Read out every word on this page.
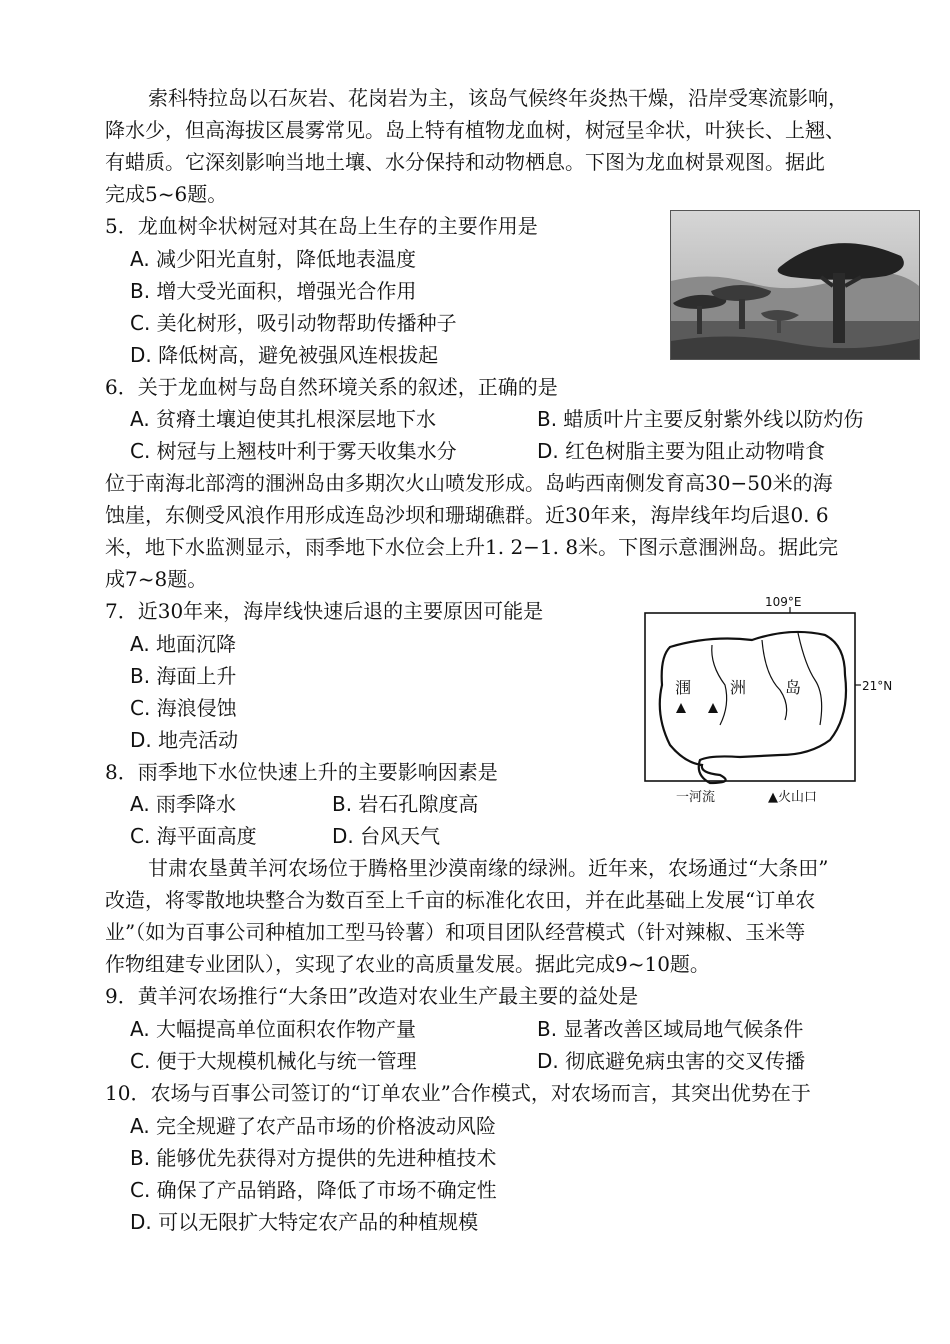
索科特拉岛以石灰岩、花岗岩为主，该岛气候终年炎热干燥，沿岸受寒流影响，
降水少，但高海拔区晨雾常见。岛上特有植物龙血树，树冠呈伞状，叶狭长、上翘、
有蜡质。它深刻影响当地土壤、水分保持和动物栖息。下图为龙血树景观图。据此
完成5~6题。
5．龙血树伞状树冠对其在岛上生存的主要作用是
A. 减少阳光直射，降低地表温度
B. 增大受光面积，增强光合作用
C. 美化树形，吸引动物帮助传播种子
D. 降低树高，避免被强风连根拔起
6．关于龙血树与岛自然环境关系的叙述，正确的是
A. 贫瘠土壤迫使其扎根深层地下水	B. 蜡质叶片主要反射紫外线以防灼伤
C. 树冠与上翘枝叶利于雾天收集水分	D. 红色树脂主要为阻止动物啃食
位于南海北部湾的涠洲岛由多期次火山喷发形成。岛屿西南侧发育高30−50米的海
蚀崖，东侧受风浪作用形成连岛沙坝和珊瑚礁群。近30年来，海岸线年均后退0. 6
米，地下水监测显示，雨季地下水位会上升1. 2−1. 8米。下图示意涠洲岛。据此完
成7~8题。
7．近30年来，海岸线快速后退的主要原因可能是
A. 地面沉降
B. 海面上升
C. 海浪侵蚀
D. 地壳活动
8．雨季地下水位快速上升的主要影响因素是
A. 雨季降水	B. 岩石孔隙度高
C. 海平面高度	D. 台风天气
109°E
21°N
涠 洲 岛
一河流	▲火山口
甘肃农垦黄羊河农场位于腾格里沙漠南缘的绿洲。近年来，农场通过“大条田”
改造，将零散地块整合为数百至上千亩的标准化农田，并在此基础上发展“订单农
业”（如为百事公司种植加工型马铃薯）和项目团队经营模式（针对辣椒、玉米等
作物组建专业团队），实现了农业的高质量发展。据此完成9~10题。
9．黄羊河农场推行“大条田”改造对农业生产最主要的益处是
A. 大幅提高单位面积农作物产量	B. 显著改善区域局地气候条件
C. 便于大规模机械化与统一管理	D. 彻底避免病虫害的交叉传播
10．农场与百事公司签订的“订单农业”合作模式，对农场而言，其突出优势在于
A. 完全规避了农产品市场的价格波动风险
B. 能够优先获得对方提供的先进种植技术
C. 确保了产品销路，降低了市场不确定性
D. 可以无限扩大特定农产品的种植规模
